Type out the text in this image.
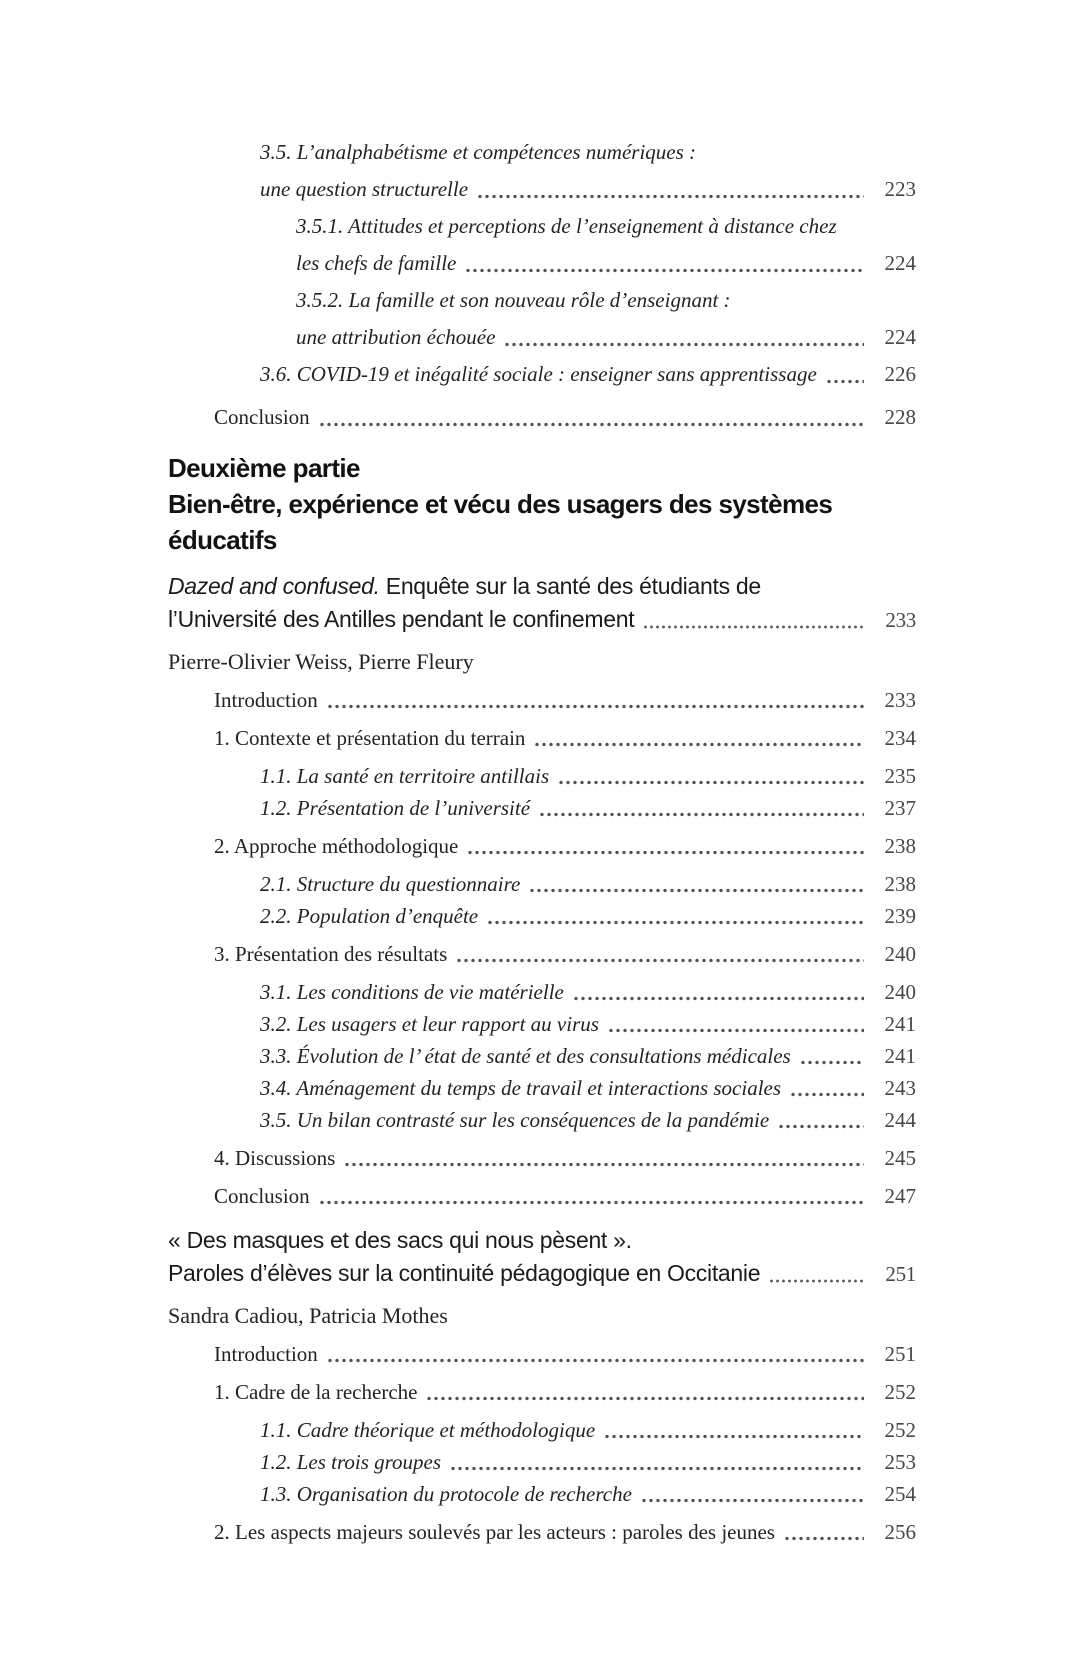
3.5. L’analphabétisme et compétences numériques :
une question structurelle	223
3.5.1. Attitudes et perceptions de l’enseignement à distance chez
les chefs de famille	224
3.5.2. La famille et son nouveau rôle d’enseignant :
une attribution échouée	224
3.6. COVID-19 et inégalité sociale : enseigner sans apprentissage	226
Conclusion	228
Deuxième partie
Bien-être, expérience et vécu des usagers des systèmes
éducatifs
Dazed and confused. Enquête sur la santé des étudiants de
l’Université des Antilles pendant le confinement	233
Pierre-Olivier Weiss, Pierre Fleury
Introduction	233
1. Contexte et présentation du terrain	234
1.1. La santé en territoire antillais	235
1.2. Présentation de l’université	237
2. Approche méthodologique	238
2.1. Structure du questionnaire	238
2.2. Population d’enquête	239
3. Présentation des résultats	240
3.1. Les conditions de vie matérielle	240
3.2. Les usagers et leur rapport au virus	241
3.3. Évolution de l’ état de santé et des consultations médicales	241
3.4. Aménagement du temps de travail et interactions sociales	243
3.5. Un bilan contrasté sur les conséquences de la pandémie	244
4. Discussions	245
Conclusion	247
« Des masques et des sacs qui nous pèsent ».
Paroles d’élèves sur la continuité pédagogique en Occitanie	251
Sandra Cadiou, Patricia Mothes
Introduction	251
1. Cadre de la recherche	252
1.1. Cadre théorique et méthodologique	252
1.2. Les trois groupes	253
1.3. Organisation du protocole de recherche	254
2. Les aspects majeurs soulevés par les acteurs : paroles des jeunes	256
